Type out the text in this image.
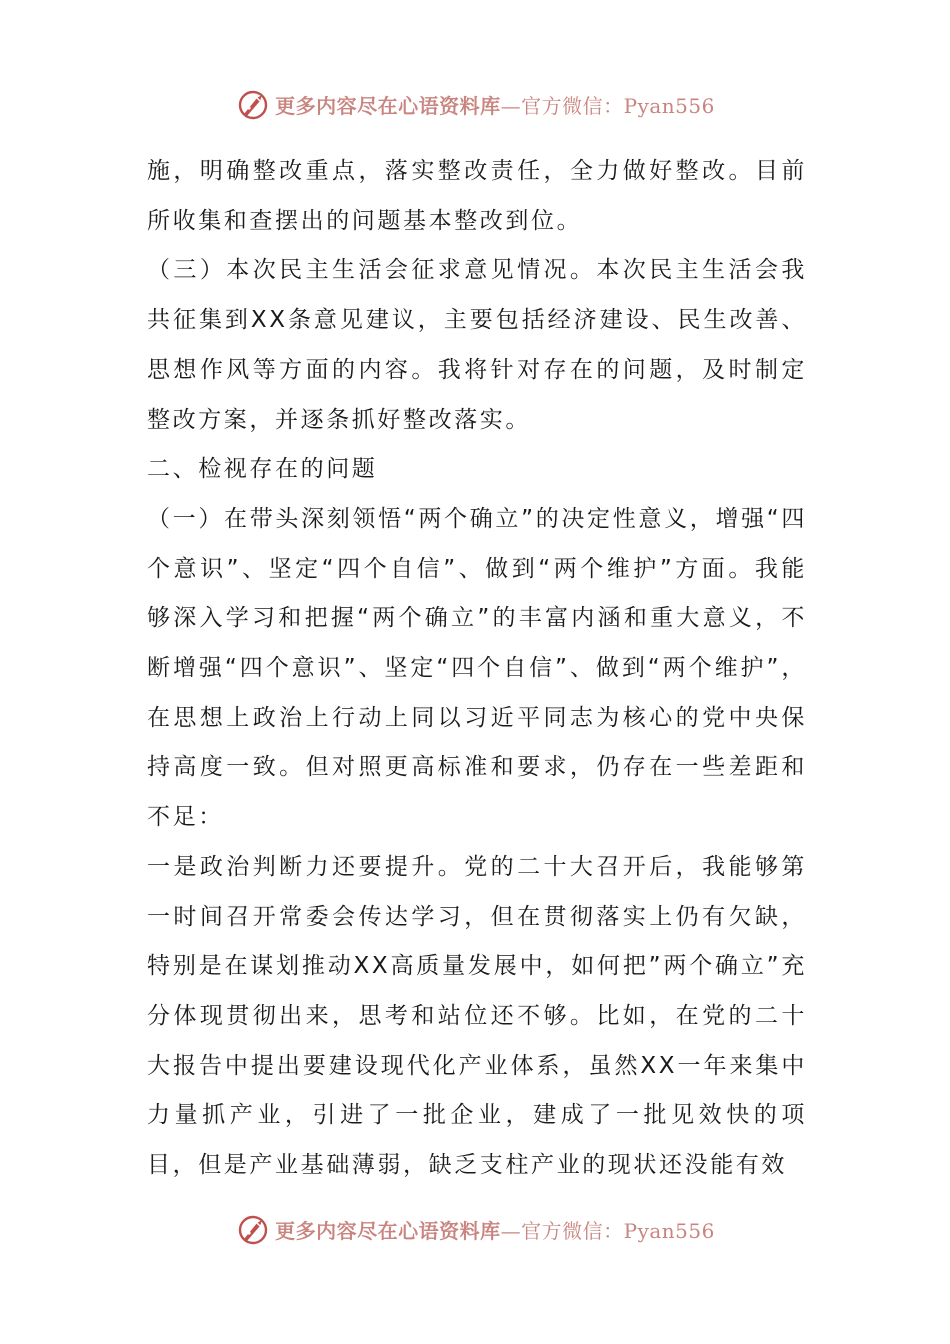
更多内容尽在心语资料库—官方微信：Pyan556

施，明确整改重点，落实整改责任，全力做好整改。目前所收集和查摆出的问题基本整改到位。

（三）本次民主生活会征求意见情况。本次民主生活会我共征集到XX条意见建议，主要包括经济建设、民生改善、思想作风等方面的内容。我将针对存在的问题，及时制定整改方案，并逐条抓好整改落实。

二、检视存在的问题

（一）在带头深刻领悟“两个确立”的决定性意义，增强“四个意识”、坚定“四个自信”、做到“两个维护”方面。我能够深入学习和把握“两个确立”的丰富内涵和重大意义，不断增强“四个意识”、坚定“四个自信”、做到“两个维护”，在思想上政治上行动上同以习近平同志为核心的党中央保持高度一致。但对照更高标准和要求，仍存在一些差距和不足：

一是政治判断力还要提升。党的二十大召开后，我能够第一时间召开常委会传达学习，但在贯彻落实上仍有欠缺，特别是在谋划推动XX高质量发展中，如何把”两个确立”充分体现贯彻出来，思考和站位还不够。比如，在党的二十大报告中提出要建设现代化产业体系，虽然XX一年来集中力量抓产业，引进了一批企业，建成了一批见效快的项目，但是产业基础薄弱，缺乏支柱产业的现状还没能有效

更多内容尽在心语资料库—官方微信：Pyan556
